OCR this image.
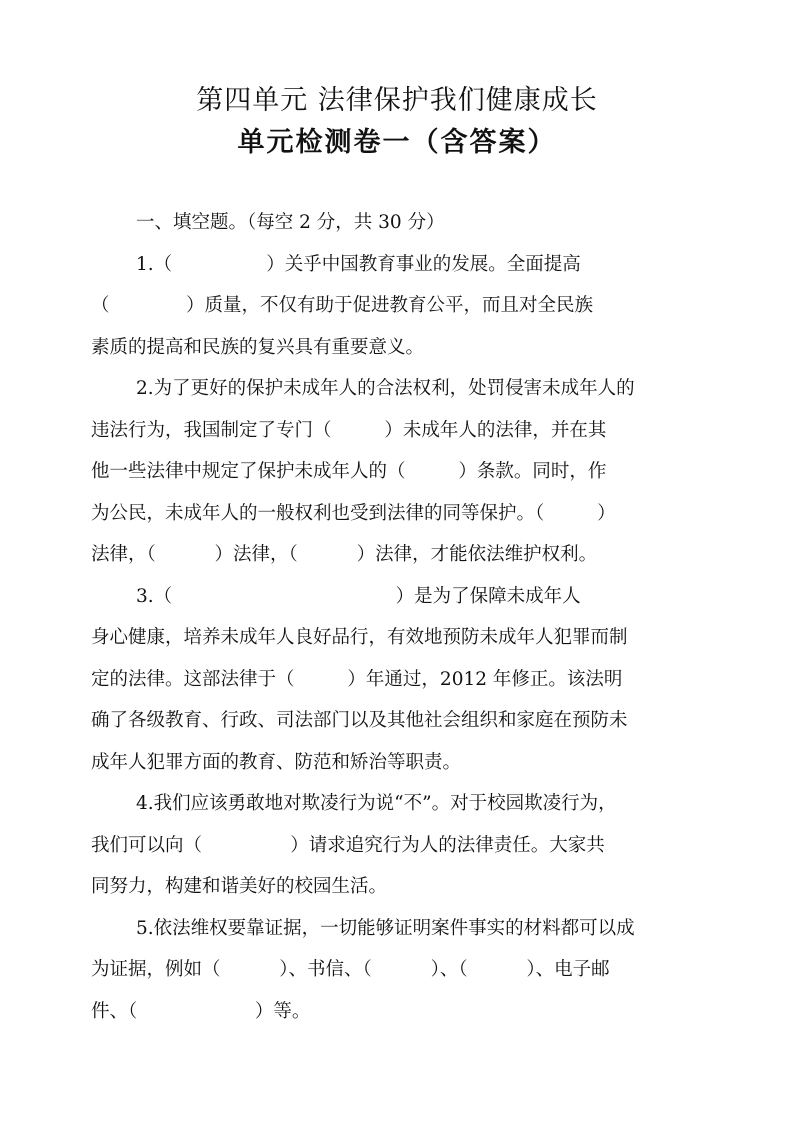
第四单元 法律保护我们健康成长
单元检测卷一（含答案）
一、填空题。（每空 2 分，共 30 分）
1.（                ）关乎中国教育事业的发展。全面提高
（             ）质量，不仅有助于促进教育公平，而且对全民族
素质的提高和民族的复兴具有重要意义。
2.为了更好的保护未成年人的合法权利，处罚侵害未成年人的
违法行为，我国制定了专门（         ）未成年人的法律，并在其
他一些法律中规定了保护未成年人的（         ）条款。同时，作
为公民，未成年人的一般权利也受到法律的同等保护。（         ）
法律，（          ）法律，（          ）法律，才能依法维护权利。
3.（                                      ）是为了保障未成年人
身心健康，培养未成年人良好品行，有效地预防未成年人犯罪而制
定的法律。这部法律于（         ）年通过，2012 年修正。该法明
确了各级教育、行政、司法部门以及其他社会组织和家庭在预防未
成年人犯罪方面的教育、防范和矫治等职责。
4.我们应该勇敢地对欺凌行为说“不”。对于校园欺凌行为，
我们可以向（               ）请求追究行为人的法律责任。大家共
同努力，构建和谐美好的校园生活。
5.依法维权要靠证据，一切能够证明案件事实的材料都可以成
为证据，例如（          ）、书信、（          ）、（          ）、电子邮
件、（                    ）等。
